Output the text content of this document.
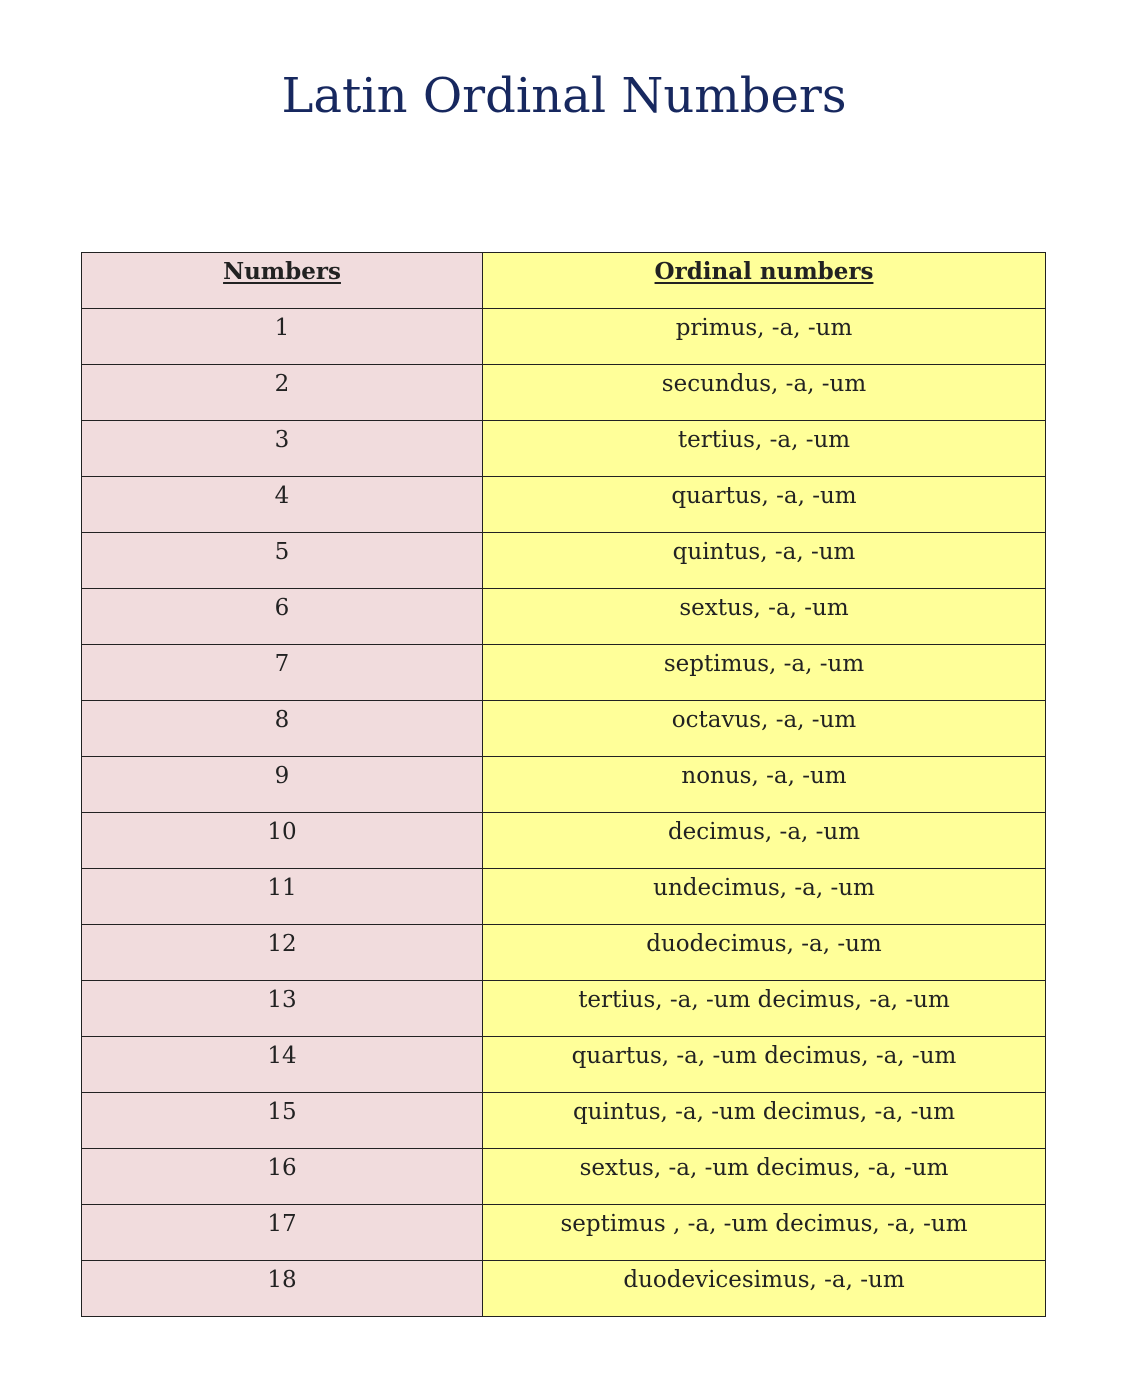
Latin Ordinal Numbers
Numbers	Ordinal numbers
1	primus, -a, -um
2	secundus, -a, -um
3	tertius, -a, -um
4	quartus, -a, -um
5	quintus, -a, -um
6	sextus, -a, -um
7	septimus, -a, -um
8	octavus, -a, -um
9	nonus, -a, -um
10	decimus, -a, -um
11	undecimus, -a, -um
12	duodecimus, -a, -um
13	tertius, -a, -um decimus, -a, -um
14	quartus, -a, -um decimus, -a, -um
15	quintus, -a, -um decimus, -a, -um
16	sextus, -a, -um decimus, -a, -um
17	septimus , -a, -um decimus, -a, -um
18	duodevicesimus, -a, -um
